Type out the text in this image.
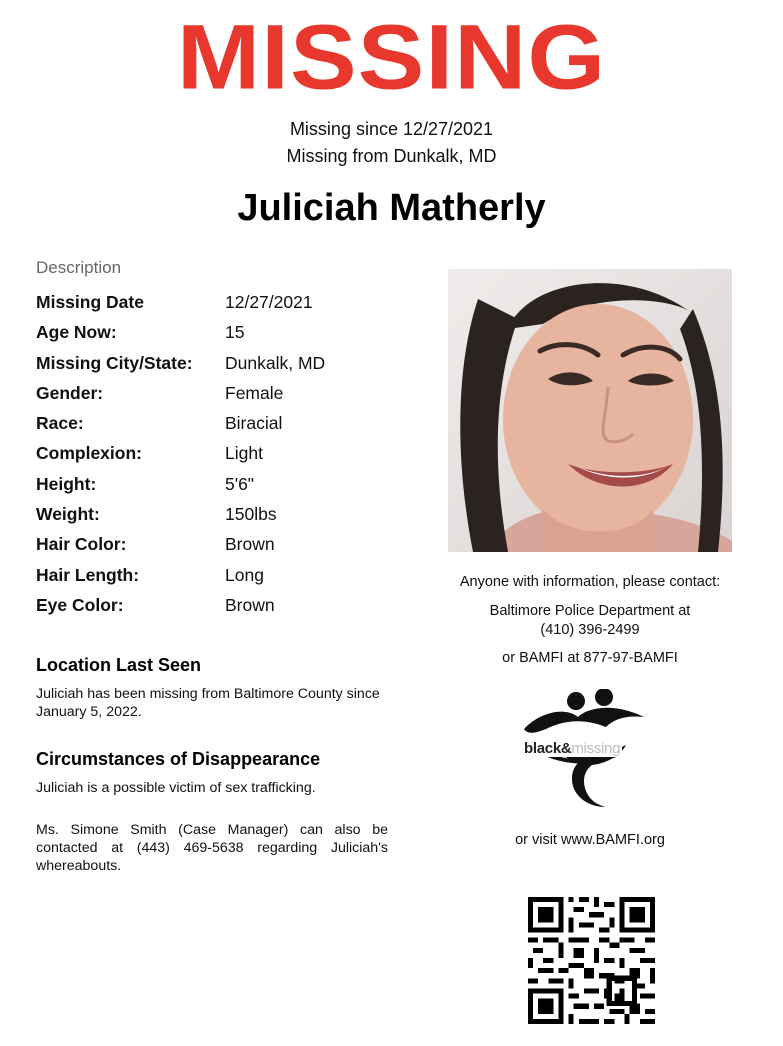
MISSING
Missing since 12/27/2021
Missing from Dunkalk, MD
Juliciah Matherly
Description
Missing Date	12/27/2021
Age Now:	15
Missing City/State: Dunkalk, MD
Gender:	Female
Race:	Biracial
Complexion:	Light
Height:	5'6"
Weight:	150lbs
Hair Color:	Brown
Hair Length:	Long
Eye Color:	Brown
Location Last Seen
Juliciah has been missing from Baltimore County since January 5, 2022.
Circumstances of Disappearance
Juliciah is a possible victim of sex trafficking.
Ms. Simone Smith (Case Manager) can also be contacted at (443) 469-5638 regarding Juliciah's whereabouts.
Anyone with information, please contact:
Baltimore Police Department at
(410) 396-2499
or BAMFI at 877-97-BAMFI
black&missing
or visit www.BAMFI.org
